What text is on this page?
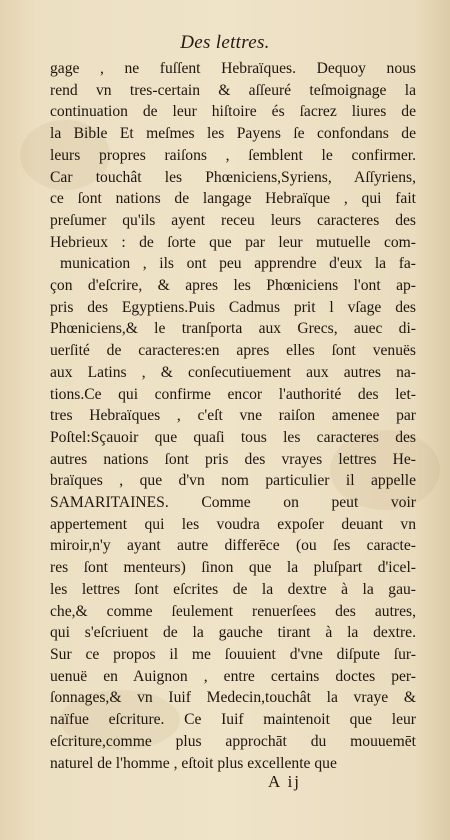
Des lettres.
gage , ne fuſſent Hebraïques. Dequoy nous
rend vn tres-certain & aſſeuré teſmoignage la
continuation de leur hiſtoire és ſacrez liures de
la Bible Et meſmes les Payens ſe confondans de
leurs propres raiſons , ſemblent le confirmer.
Car touchât les Phœniciens,Syriens, Aſſyriens,
ce ſont nations de langage Hebraïque , qui fait
preſumer qu'ils ayent receu leurs caracteres des
Hebrieux : de ſorte que par leur mutuelle com-
munication , ils ont peu apprendre d'eux la fa-
çon d'eſcrire, & apres les Phœniciens l'ont ap-
pris des Egyptiens.Puis Cadmus prit l vſage des
Phœniciens,& le tranſporta aux Grecs, auec di-
uerſité de caracteres:en apres elles ſont venuës
aux Latins , & conſecutiuement aux autres na-
tions.Ce qui confirme encor l'authorité des let-
tres Hebraïques , c'eſt vne raiſon amenee par
Poſtel:Sçauoir que quaſi tous les caracteres des
autres nations ſont pris des vrayes lettres He-
braïques , que d'vn nom particulier il appelle
SAMARITAINES. Comme on peut voir
appertement qui les voudra expoſer deuant vn
miroir,n'y ayant autre differēce (ou ſes caracte-
res ſont menteurs) ſinon que la pluſpart d'icel-
les lettres ſont eſcrites de la dextre à la gau-
che,& comme ſeulement renuerſees des autres,
qui s'eſcriuent de la gauche tirant à la dextre.
Sur ce propos il me ſouuient d'vne diſpute ſur-
uenuë en Auignon , entre certains doctes per-
ſonnages,& vn Iuif Medecin,touchât la vraye &
naïfue eſcriture. Ce Iuif maintenoit que leur
eſcriture,comme plus approchāt du mouuemēt
naturel de l'homme , eſtoit plus excellente que
A ij
